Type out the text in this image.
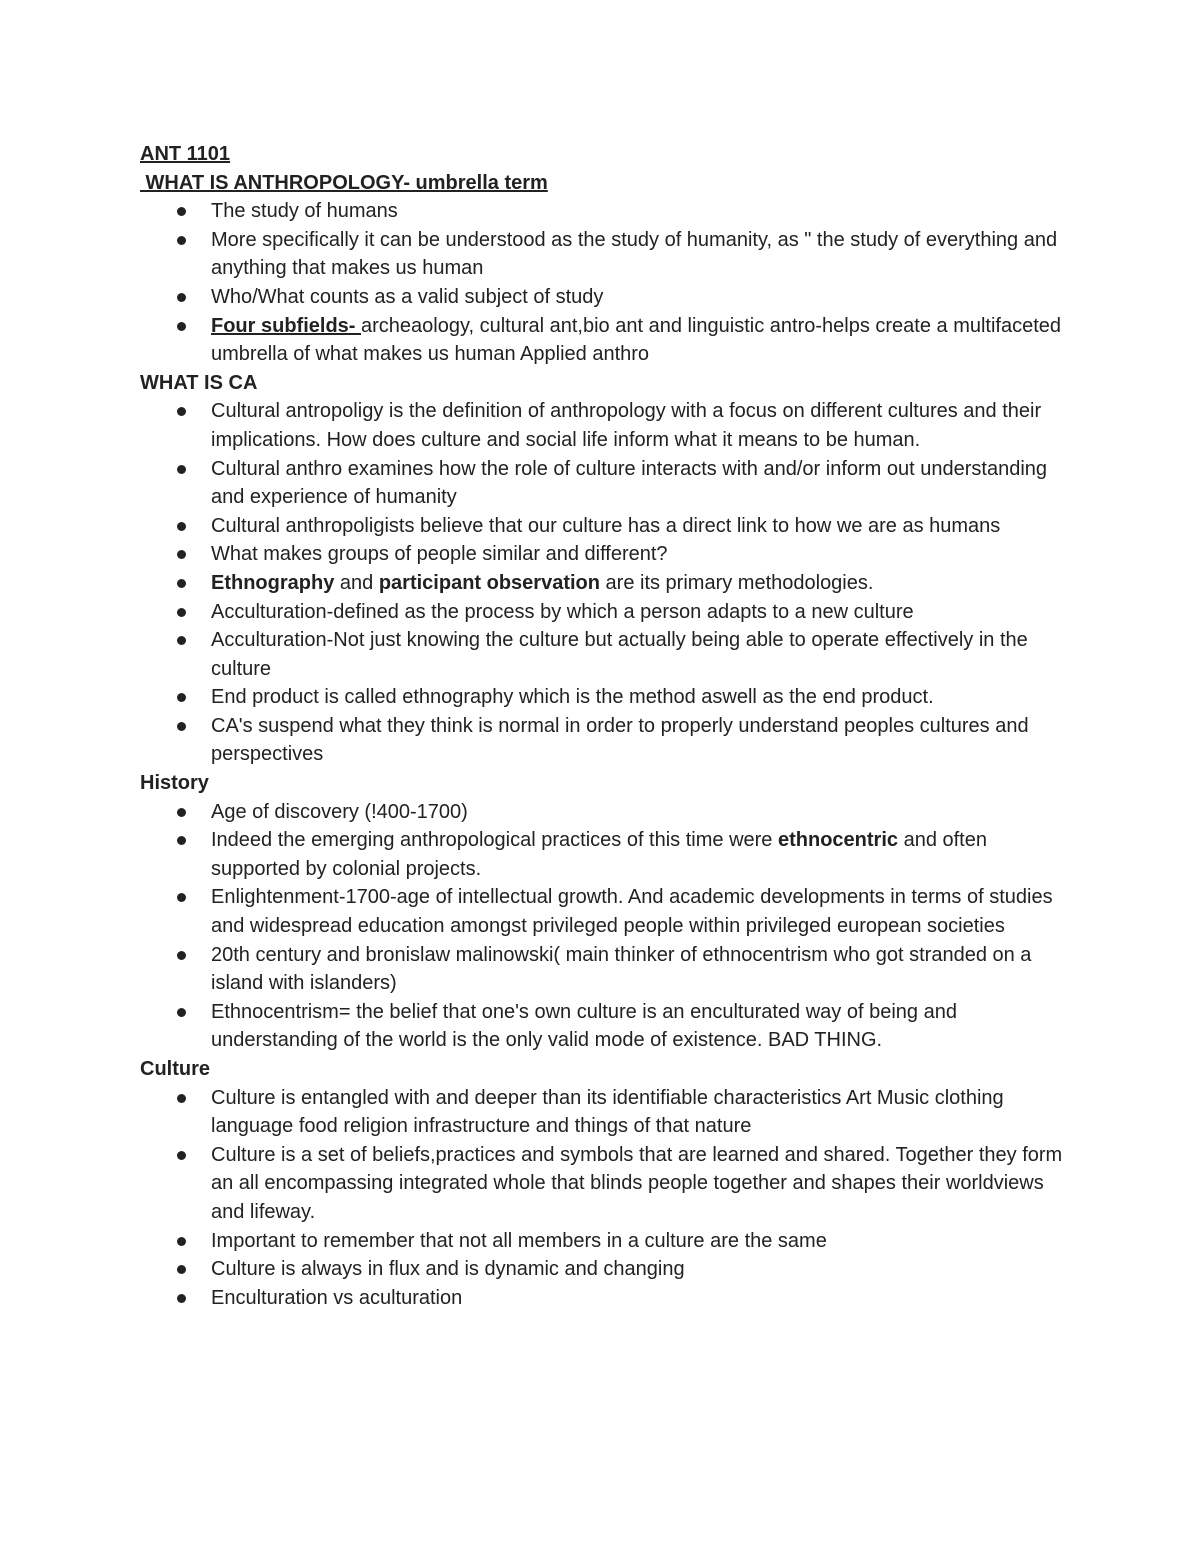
ANT 1101
WHAT IS ANTHROPOLOGY- umbrella term
The study of humans
More specifically it can be understood as the study of humanity, as " the study of everything and anything that makes us human
Who/What counts as a valid subject of study
Four subfields- archeaology, cultural ant,bio ant and linguistic antro-helps create a multifaceted umbrella of what makes us human Applied anthro
WHAT IS CA
Cultural antropoligy is the definition of anthropology with a focus on different cultures and their implications. How does culture and social life inform what it means to be human.
Cultural anthro examines how the role of culture interacts with and/or inform out understanding and experience of humanity
Cultural anthropoligists believe that our culture has a direct link to how we are as humans
What makes groups of people similar and different?
Ethnography and participant observation are its primary methodologies.
Acculturation-defined as the process by which a person adapts to a new culture
Acculturation-Not just knowing the culture but actually being able to operate effectively in the culture
End product is called ethnography which is the method aswell as the end product.
CA's suspend what they think is normal in order to properly understand peoples cultures and perspectives
History
Age of discovery (!400-1700)
Indeed the emerging anthropological practices of this time were ethnocentric and often supported by colonial projects.
Enlightenment-1700-age of intellectual growth. And academic developments in terms of studies and widespread education amongst privileged people within privileged european societies
20th century and bronislaw malinowski( main thinker of ethnocentrism who got stranded on a island with islanders)
Ethnocentrism= the belief that one's own culture is an enculturated way of being and understanding of the world is the only valid mode of existence. BAD THING.
Culture
Culture is entangled with and deeper than its identifiable characteristics Art Music clothing language food religion infrastructure and things of that nature
Culture is a set of beliefs,practices and symbols that are learned and shared. Together they form an all encompassing integrated whole that blinds people together and shapes their worldviews and lifeway.
Important to remember that not all members in a culture are the same
Culture is always in flux and is dynamic and changing
Enculturation vs aculturation
